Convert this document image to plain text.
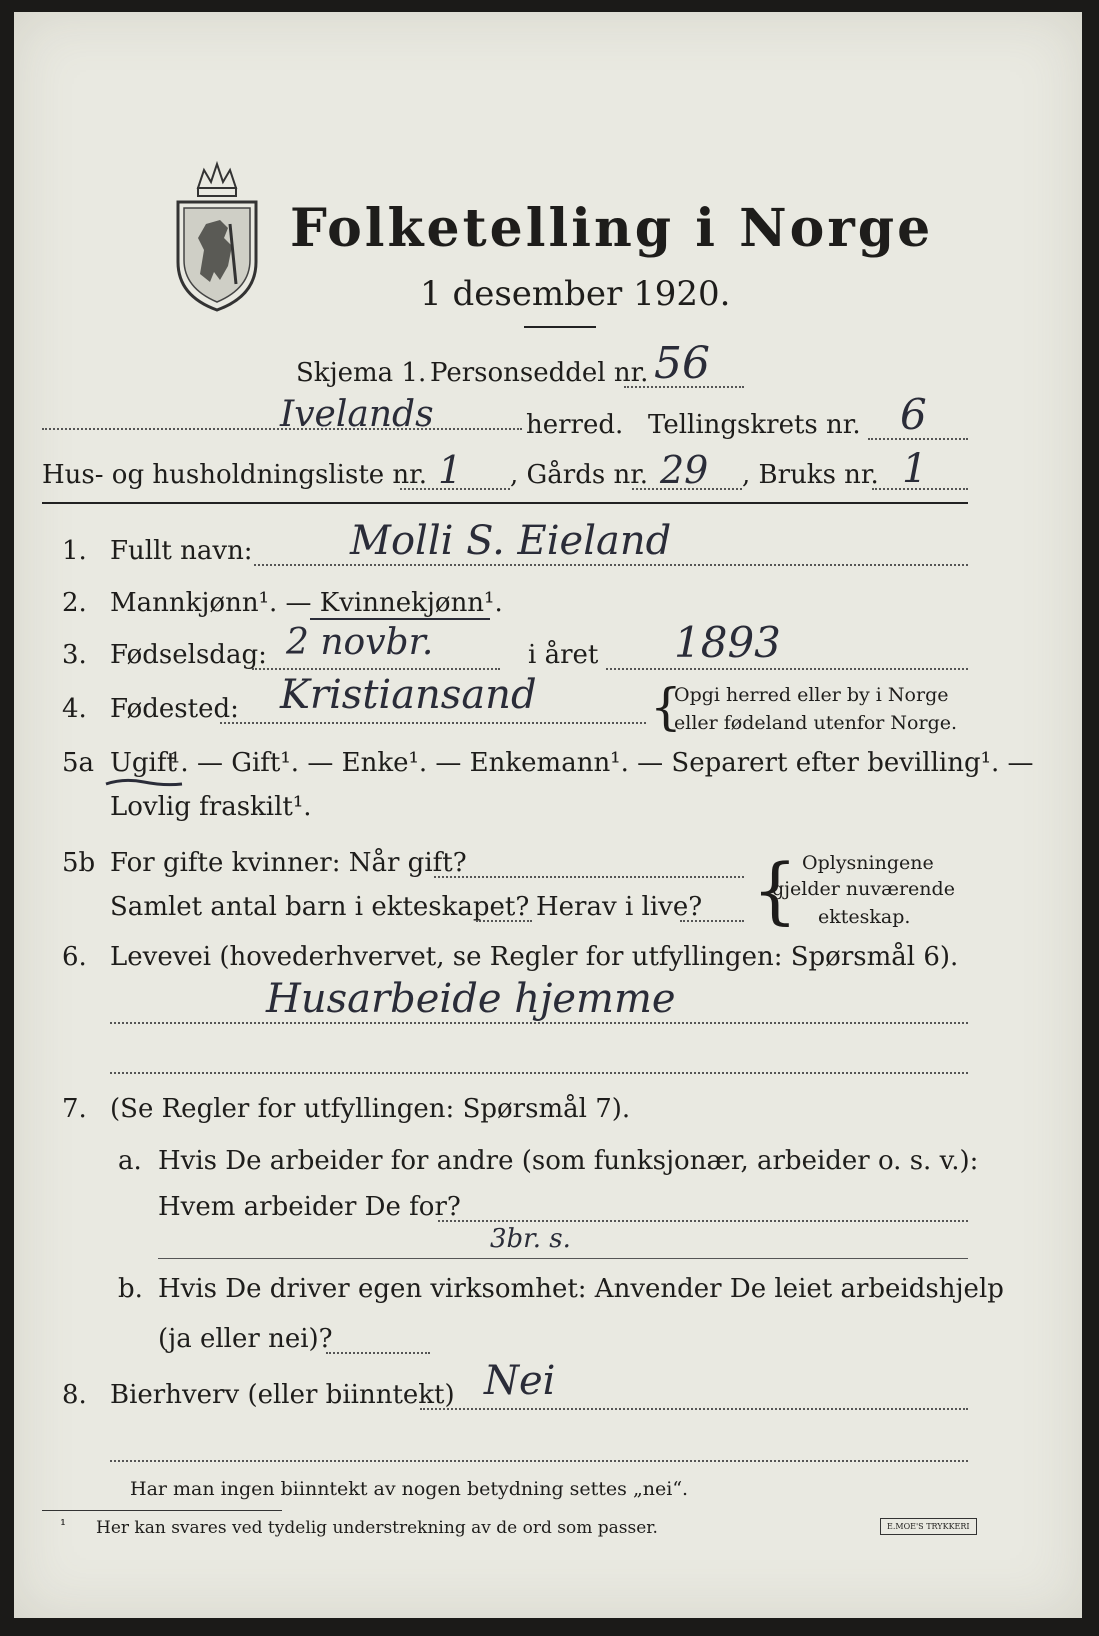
Folketelling i Norge
1 desember 1920.
Skjema 1. Personseddel nr. 56
Ivelands	herred. Tellingskrets nr. 6
Hus- og husholdningsliste nr. 1 , Gårds nr. 29 , Bruks nr. 1
1. Fullt navn: Molli S. Eieland
2. Mannkjønn¹. — Kvinnekjønn¹.
3. Fødselsdag: 2 novbr.	i året 1893
4. Fødested: Kristiansand {
Opgi herred eller by i Norge
eller fødeland utenfor Norge.
5a Ugift
¹. — Gift¹. — Enke¹. — Enkemann¹. — Separert efter bevilling¹. —
Lovlig fraskilt¹.
5b For gifte kvinner: Når gift?
Samlet antal barn i ekteskapet? Herav i live? { Oplysningene
gjelder nuværende
ekteskap.
6. Levevei (hovederhvervet, se Regler for utfyllingen: Spørsmål 6).
Husarbeide hjemme
7. (Se Regler for utfyllingen: Spørsmål 7).
a. Hvis De arbeider for andre (som funksjonær, arbeider o. s. v.):
Hvem arbeider De for?
3br. s.
b. Hvis De driver egen virksomhet: Anvender De leiet arbeidshjelp
(ja eller nei)?
8. Bierhverv (eller biinntekt) Nei
Har man ingen biinntekt av nogen betydning settes „nei“.
¹ Her kan svares ved tydelig understrekning av de ord som passer.	E.MOE'S TRYKKERI
